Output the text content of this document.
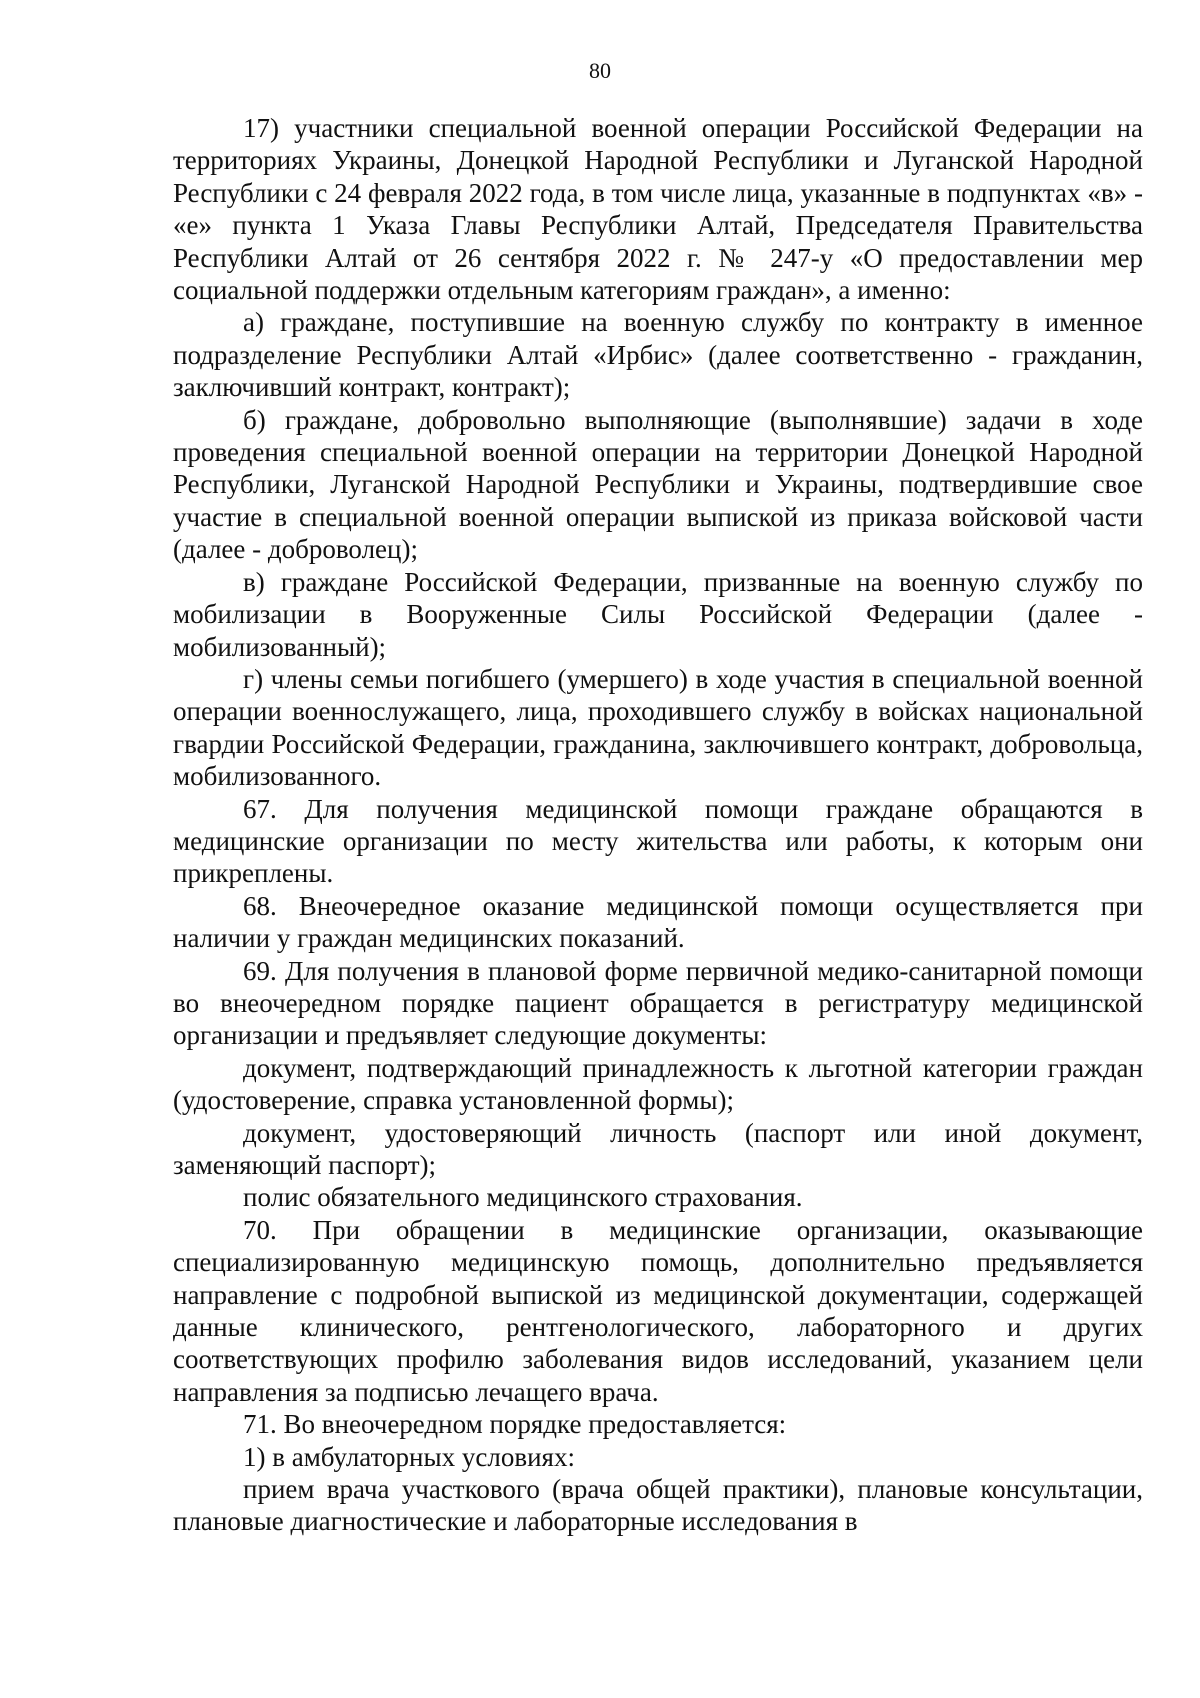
80

17) участники специальной военной операции Российской Федерации на территориях Украины, Донецкой Народной Республики и Луганской Народной Республики с 24 февраля 2022 года, в том числе лица, указанные в подпунктах «в» - «е» пункта 1 Указа Главы Республики Алтай, Председателя Правительства Республики Алтай от 26 сентября 2022 г. № 247-у «О предоставлении мер социальной поддержки отдельным категориям граждан», а именно:

а) граждане, поступившие на военную службу по контракту в именное подразделение Республики Алтай «Ирбис» (далее соответственно - гражданин, заключивший контракт, контракт);

б) граждане, добровольно выполняющие (выполнявшие) задачи в ходе проведения специальной военной операции на территории Донецкой Народной Республики, Луганской Народной Республики и Украины, подтвердившие свое участие в специальной военной операции выпиской из приказа войсковой части (далее - доброволец);

в) граждане Российской Федерации, призванные на военную службу по мобилизации в Вооруженные Силы Российской Федерации (далее - мобилизованный);

г) члены семьи погибшего (умершего) в ходе участия в специальной военной операции военнослужащего, лица, проходившего службу в войсках национальной гвардии Российской Федерации, гражданина, заключившего контракт, добровольца, мобилизованного.

67. Для получения медицинской помощи граждане обращаются в медицинские организации по месту жительства или работы, к которым они прикреплены.

68. Внеочередное оказание медицинской помощи осуществляется при наличии у граждан медицинских показаний.

69. Для получения в плановой форме первичной медико-санитарной помощи во внеочередном порядке пациент обращается в регистратуру медицинской организации и предъявляет следующие документы:

документ, подтверждающий принадлежность к льготной категории граждан (удостоверение, справка установленной формы);

документ, удостоверяющий личность (паспорт или иной документ, заменяющий паспорт);

полис обязательного медицинского страхования.

70. При обращении в медицинские организации, оказывающие специализированную медицинскую помощь, дополнительно предъявляется направление с подробной выпиской из медицинской документации, содержащей данные клинического, рентгенологического, лабораторного и других соответствующих профилю заболевания видов исследований, указанием цели направления за подписью лечащего врача.

71. Во внеочередном порядке предоставляется:

1) в амбулаторных условиях:

прием врача участкового (врача общей практики), плановые консультации, плановые диагностические и лабораторные исследования в
